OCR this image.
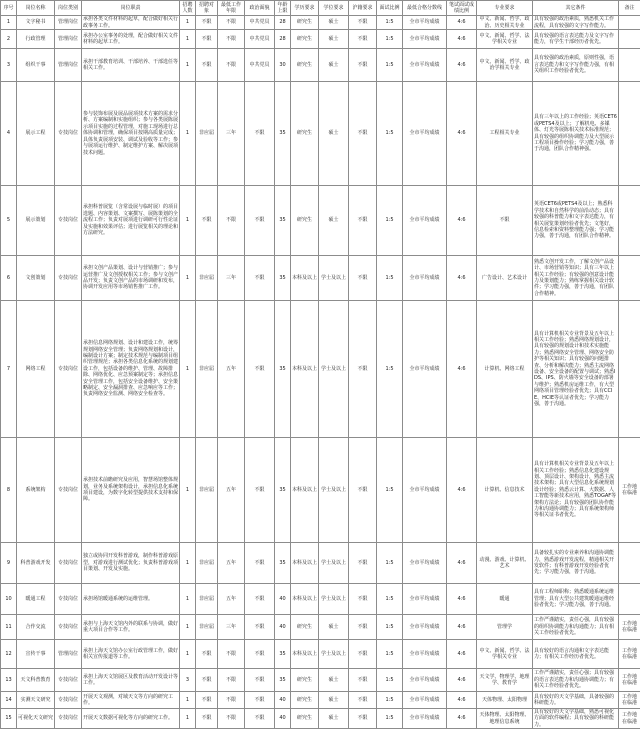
序号	岗位名称	岗位类别	岗位职责	招聘人数	招聘对象	最低工作年限	政治面貌	年龄上限	学历要求	学位要求	沪籍要求	面试比例	最低合格分数线	笔试面试成绩比例	专业要求	其它条件	备注
1	文字秘书	管理岗位	承担各类文件材料的起草，配合做好相关行政事务工作。	1	不限	不限	中共党员	28	研究生	硕士	不限	1:5	全市平均成绩	4:6	中文、新闻、哲学、政治、历史相关专业	具有较强的政治素质，熟悉机关工作流程，具有较强的文字写作能力。	
2	行政管理	管理岗位	承担办公室事务的处理，配合做好相关文件材料的起草工作。	1	不限	不限	中共党员	28	研究生	硕士	不限	1:5	全市平均成绩	4:6	中文、新闻、哲学、法学相关专业	具有较强的语言表达能力及文字写作能力，有学生干部经历者优先。	
3	组织干事	管理岗位	承担干部教育培训、干部培养、干部选任等相关工作。	1	不限	不限	中共党员	30	研究生	硕士	不限	1:5	全市平均成绩	4:6	中文、新闻、哲学、政治学相关专业	具有较强的政治素质，原则性强，语言表达能力和文字写作能力强，有相关组织工作经验者优先。	
4	展示工程	专技岗位	参与装饰布展及展品展项技术方案的需求分析、方案编制和实施组织；参与各类展陈展示项目实施的过程管理，对施工现场进行总体协调和管理，确保项目按期高质量完成；具体负责展项安装、调试及验收等工作；参与展项运行维护、制定维护方案、解决展项技术问题。	1	非应届	三年	不限	35	研究生	硕士	不限	1:5	全市平均成绩	4:6	工程相关专业	具有三年以上的工作经验；英语CET6或PETS4及以上；了解机电、多媒体、灯光等展陈相关技术标准规范；具有较强的组织协调能力及大型展示工程项目操作经验；学习能力强，善于沟通，团队合作精神强。	
5	展示策划	专技岗位	承担科普展览（含常设展与临时展）的项目选题、内容策划、文案撰写、展陈策划的全流程工作；负责对展项进行调研可行性论证及实施和效果评估；进行展览相关的理论和方法研究。	1	不限	不限	不限	35	研究生	硕士	不限	1:5	全市平均成绩	4:6	不限	英语CET6或PETS4及以上；熟悉科学技术和自然科学的前沿动态；具有较强的科普能力和文字表达能力，有相关展览策划经验者优先；文笔好，信息检索和资料整理能力强；学习能力强，善于沟通，有团队合作精神。	
6	文创策划	专技岗位	承担文创产品策划、设计与营销推广；参与运营推广及文创授权相关工作；参与文创产品开发；负责文创产品的市场调研和发布，协调开发应用等市场销售推广工作。	1	非应届	三年	不限	35	本科及以上	学士及以上	不限	1:5	全市平均成绩	4:6	广告设计、艺术设计	熟悉文创开发工作，了解文创产品设计、市场营销等知识；具有三年以上相关工作经验；有较强的创意设计能力及策划能力；熟练掌握相关设计软件；学习能力强，善于沟通，有团队合作精神。	
7	网络工程	专技岗位	承担信息网络规划、设计和建设工作，统筹规划网络安全管理；负责网络规划和设计，编制设计方案；制定技术规范与编制项目组织管理规范；承担各类信息化系统的规划建设工作，包括设备的维护、管理、故障排除、网络优化、应急预案制定等；承担信息安全管理工作，包括安全设备维护、安全策略制定、安全漏洞排查、应急响应等工作；负责网络安全监测、网络安全检查等。	1	非应届	五年	不限	35	本科及以上	学士及以上	不限	1:5	全市平均成绩	4:6	计算机、网络工程	具有计算机相关专业背景及五年以上相关工作经验；熟悉网络规划设计，具有较强的规划设计和技术实施能力；熟悉网络安全管理、网络安全防护等相关知识；具有较强的问题排查、分析和解决能力；熟悉主流网络设备、安全设备的配置与调试；熟悉IDS、IPS、防火墙等安全设备的部署与维护；熟悉机房运维工作，有大型网络项目管理经验者优先；具有CCIE、HCIE等认证者优先；学习能力强，善于沟通。	
8	系统架构	专技岗位	承担技术前瞻研究及应用，智慧场馆整体规划，业务及系统架构设计，承担信息化系统项目建设，为数字化转型提供技术支持和保障。	1	非应届	五年	不限	35	本科及以上	学士及以上	不限	1:5	全市平均成绩	4:6	计算机、信息技术	具有计算机相关专业背景及五年以上相关工作经验；熟悉信息化建设规划、顶层设计、架构设计，熟悉主流技术架构；具有大型信息化系统规划设计经验；熟悉云计算、大数据、人工智能等新技术应用，熟悉TOGAF等架构方法论；具有较强的团队协作能力和沟通协调能力；具有系统架构师等相关证书者优先。	工作地在临港
9	科普游戏开发	专技岗位	独立或协同开发科普游戏，制作科普游戏原型，对游戏进行测试优化；负责科普游戏项目策划、开发及实施。	1	非应届	五年	不限	35	本科及以上	学士及以上	不限	1:5	全市平均成绩	4:6	动漫、游戏、计算机、艺术	具备较扎实的专业素养和沟通协调能力，熟悉游戏开发流程，精通相关开发软件；有科普游戏开发经验者优先；学习能力强，善于沟通。	
10	暖通工程	专技岗位	承担场馆暖通系统的运维管理。	1	非应届	五年	不限	40	本科及以上	学士及以上	不限	1:5	全市平均成绩	4:6	暖通	具有工程师职称；熟悉暖通系统运维管理；具有大型公共建筑暖通运维经验者优先；学习能力强，善于沟通。	
11	合作交流	专技岗位	承担与上海天文馆内外的联系与协调，做好重大项目合作等工作。	1	非应届	三年	不限	40	研究生	硕士	不限	1:5	全市平均成绩	4:6	管理学	工作严谨踏实，责任心强，具有较强的组织协调能力和沟通能力；具有相关工作经验者优先。	工作地在临港
12	宣传干事	管理岗位	承担上海天文馆办公室行政管理工作，做好相关宣传报道等工作。	1	不限	不限	不限	35	本科及以上	学士及以上	不限	1:5	全市平均成绩	4:6	中文、新闻、哲学、法学相关专业	具有较好的语言沟通和文字表达能力；有相关工作经历者优先。	工作地在临港
13	天文科普教育	专技岗位	承担上海天文馆展区及教育活动开发设计等工作。	3	不限	不限	不限	35	研究生	硕士	不限	1:5	全市平均成绩	4:6	天文学、物理学、地理学、教育学	工作严谨踏实，责任心强；具有较强的语言表达能力和沟通协调能力；有相关工作经验者优先。	工作地在临港
14	实测天文研究	专技岗位	开展天文观测，对域天文等方向的研究工作。	1	不限	不限	不限	40	研究生	硕士	不限	1:5	全市平均成绩	4:6	天体物理、太阳物理	具有较好的天文学基础，具备较强的科研能力。	工作地在临港
15	可视化天文研究	专技岗位	开展天文数据可视化等方向的研究工作。	1	不限	不限	不限	40	研究生	硕士	不限	1:5	全市平均成绩	4:6	天体物理、太阳物理、地理信息系统	具有较好的天文学基础，熟悉可视化方面的软件编程；具有较强的科研能力。	工作地在临港
